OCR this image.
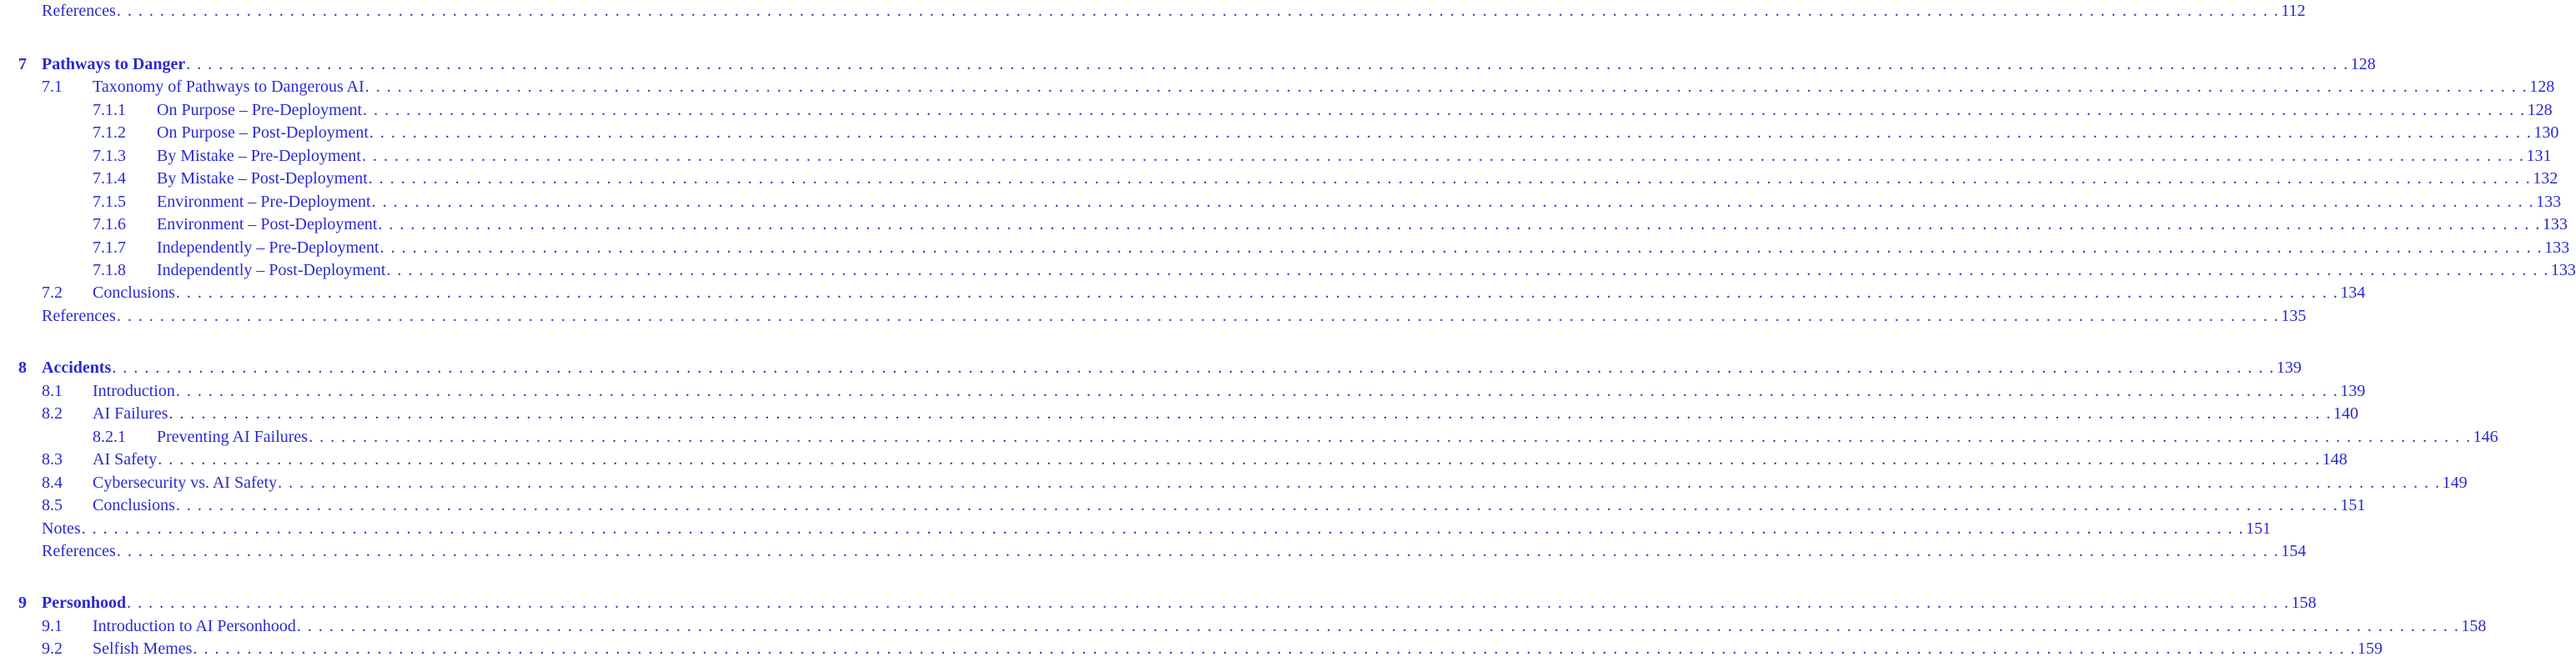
References . . . . . . . . . . . . . . . . . . . . . . . . . . . . . . . . . . . . . . . . . . . . . . . . . . . . . . . . . . . . . . . . . . . . . . . . . . . . . . . . . . . . . . . . . . . . . . . . . . . . . . . . . . . . . . . . . . . . . . . . . . . . . . . . . . . . . . . . . . . . . . . . . . . . . . . . . . . . . . . . . . . . . . . . . . . . . . . . . . . . . . . . . . . . . . . . . . . . . . . . 112
7 Pathways to Danger . . . . . . . . . . . . . . . . . . . . . . . . . . . . . . . . . . . . . . . . . . . . . . . . . . . . . . . . . . . . . . . . . . . . . . . . . . . . . . . . . . . . . . . . . . . . . . . . . . . . . . . . . . . . . . . . . . . . . . . . . . . . . . . . . . . . . . . . . . . . . . . . . . . . . . . . . . . . . . . . . . . . . . . . . . . . . . . . . . . . . . . . . . . . . . . . . . . . . . . . 128
7.1 Taxonomy of Pathways to Dangerous AI . . . . . . . . . . . . . . . . . . . . . . . . . . . . . . . . . . . . . . . . . . . . . . . . . . . . . . . . . . . . . . . . . . . . . . . . . . . . . . . . . . . . . . . . . . . . . . . . . . . . . . . . . . . . . . . . . . . . . . . . . . . . . . . . . . . . . . . . . . . . . . . . . . . . . . . . . . . . . . . . . . . . . . . . . . . . . . . . . . . . . . . . . . . . . . . . . . . . . . . . 128
7.1.1 On Purpose – Pre-Deployment . . . . . . . . . . . . . . . . . . . . . . . . . . . . . . . . . . . . . . . . . . . . . . . . . . . . . . . . . . . . . . . . . . . . . . . . . . . . . . . . . . . . . . . . . . . . . . . . . . . . . . . . . . . . . . . . . . . . . . . . . . . . . . . . . . . . . . . . . . . . . . . . . . . . . . . . . . . . . . . . . . . . . . . . . . . . . . . . . . . . . . . . . . . . . . . . . . . . . . . . 128
7.1.2 On Purpose – Post-Deployment . . . . . . . . . . . . . . . . . . . . . . . . . . . . . . . . . . . . . . . . . . . . . . . . . . . . . . . . . . . . . . . . . . . . . . . . . . . . . . . . . . . . . . . . . . . . . . . . . . . . . . . . . . . . . . . . . . . . . . . . . . . . . . . . . . . . . . . . . . . . . . . . . . . . . . . . . . . . . . . . . . . . . . . . . . . . . . . . . . . . . . . . . . . . . . . . . . . . . . . . 130
7.1.3 By Mistake – Pre-Deployment . . . . . . . . . . . . . . . . . . . . . . . . . . . . . . . . . . . . . . . . . . . . . . . . . . . . . . . . . . . . . . . . . . . . . . . . . . . . . . . . . . . . . . . . . . . . . . . . . . . . . . . . . . . . . . . . . . . . . . . . . . . . . . . . . . . . . . . . . . . . . . . . . . . . . . . . . . . . . . . . . . . . . . . . . . . . . . . . . . . . . . . . . . . . . . . . . . . . . . . . 131
7.1.4 By Mistake – Post-Deployment . . . . . . . . . . . . . . . . . . . . . . . . . . . . . . . . . . . . . . . . . . . . . . . . . . . . . . . . . . . . . . . . . . . . . . . . . . . . . . . . . . . . . . . . . . . . . . . . . . . . . . . . . . . . . . . . . . . . . . . . . . . . . . . . . . . . . . . . . . . . . . . . . . . . . . . . . . . . . . . . . . . . . . . . . . . . . . . . . . . . . . . . . . . . . . . . . . . . . . . . 132
7.1.5 Environment – Pre-Deployment . . . . . . . . . . . . . . . . . . . . . . . . . . . . . . . . . . . . . . . . . . . . . . . . . . . . . . . . . . . . . . . . . . . . . . . . . . . . . . . . . . . . . . . . . . . . . . . . . . . . . . . . . . . . . . . . . . . . . . . . . . . . . . . . . . . . . . . . . . . . . . . . . . . . . . . . . . . . . . . . . . . . . . . . . . . . . . . . . . . . . . . . . . . . . . . . . . . . . . . . 133
7.1.6 Environment – Post-Deployment . . . . . . . . . . . . . . . . . . . . . . . . . . . . . . . . . . . . . . . . . . . . . . . . . . . . . . . . . . . . . . . . . . . . . . . . . . . . . . . . . . . . . . . . . . . . . . . . . . . . . . . . . . . . . . . . . . . . . . . . . . . . . . . . . . . . . . . . . . . . . . . . . . . . . . . . . . . . . . . . . . . . . . . . . . . . . . . . . . . . . . . . . . . . . . . . . . . . . . . . 133
7.1.7 Independently – Pre-Deployment . . . . . . . . . . . . . . . . . . . . . . . . . . . . . . . . . . . . . . . . . . . . . . . . . . . . . . . . . . . . . . . . . . . . . . . . . . . . . . . . . . . . . . . . . . . . . . . . . . . . . . . . . . . . . . . . . . . . . . . . . . . . . . . . . . . . . . . . . . . . . . . . . . . . . . . . . . . . . . . . . . . . . . . . . . . . . . . . . . . . . . . . . . . . . . . . . . . . . . . . 133
7.1.8 Independently – Post-Deployment . . . . . . . . . . . . . . . . . . . . . . . . . . . . . . . . . . . . . . . . . . . . . . . . . . . . . . . . . . . . . . . . . . . . . . . . . . . . . . . . . . . . . . . . . . . . . . . . . . . . . . . . . . . . . . . . . . . . . . . . . . . . . . . . . . . . . . . . . . . . . . . . . . . . . . . . . . . . . . . . . . . . . . . . . . . . . . . . . . . . . . . . . . . . . . . . . . . . . . . . 133
7.2 Conclusions . . . . . . . . . . . . . . . . . . . . . . . . . . . . . . . . . . . . . . . . . . . . . . . . . . . . . . . . . . . . . . . . . . . . . . . . . . . . . . . . . . . . . . . . . . . . . . . . . . . . . . . . . . . . . . . . . . . . . . . . . . . . . . . . . . . . . . . . . . . . . . . . . . . . . . . . . . . . . . . . . . . . . . . . . . . . . . . . . . . . . . . . . . . . . . . . . . . . . . . . 134
References . . . . . . . . . . . . . . . . . . . . . . . . . . . . . . . . . . . . . . . . . . . . . . . . . . . . . . . . . . . . . . . . . . . . . . . . . . . . . . . . . . . . . . . . . . . . . . . . . . . . . . . . . . . . . . . . . . . . . . . . . . . . . . . . . . . . . . . . . . . . . . . . . . . . . . . . . . . . . . . . . . . . . . . . . . . . . . . . . . . . . . . . . . . . . . . . . . . . . . . . 135
8 Accidents . . . . . . . . . . . . . . . . . . . . . . . . . . . . . . . . . . . . . . . . . . . . . . . . . . . . . . . . . . . . . . . . . . . . . . . . . . . . . . . . . . . . . . . . . . . . . . . . . . . . . . . . . . . . . . . . . . . . . . . . . . . . . . . . . . . . . . . . . . . . . . . . . . . . . . . . . . . . . . . . . . . . . . . . . . . . . . . . . . . . . . . . . . . . . . . . . . . . . . . . 139
8.1 Introduction . . . . . . . . . . . . . . . . . . . . . . . . . . . . . . . . . . . . . . . . . . . . . . . . . . . . . . . . . . . . . . . . . . . . . . . . . . . . . . . . . . . . . . . . . . . . . . . . . . . . . . . . . . . . . . . . . . . . . . . . . . . . . . . . . . . . . . . . . . . . . . . . . . . . . . . . . . . . . . . . . . . . . . . . . . . . . . . . . . . . . . . . . . . . . . . . . . . . . . . . 139
8.2 AI Failures . . . . . . . . . . . . . . . . . . . . . . . . . . . . . . . . . . . . . . . . . . . . . . . . . . . . . . . . . . . . . . . . . . . . . . . . . . . . . . . . . . . . . . . . . . . . . . . . . . . . . . . . . . . . . . . . . . . . . . . . . . . . . . . . . . . . . . . . . . . . . . . . . . . . . . . . . . . . . . . . . . . . . . . . . . . . . . . . . . . . . . . . . . . . . . . . . . . . . . . . 140
8.2.1 Preventing AI Failures . . . . . . . . . . . . . . . . . . . . . . . . . . . . . . . . . . . . . . . . . . . . . . . . . . . . . . . . . . . . . . . . . . . . . . . . . . . . . . . . . . . . . . . . . . . . . . . . . . . . . . . . . . . . . . . . . . . . . . . . . . . . . . . . . . . . . . . . . . . . . . . . . . . . . . . . . . . . . . . . . . . . . . . . . . . . . . . . . . . . . . . . . . . . . . . . . . . . . . . . 146
8.3 AI Safety . . . . . . . . . . . . . . . . . . . . . . . . . . . . . . . . . . . . . . . . . . . . . . . . . . . . . . . . . . . . . . . . . . . . . . . . . . . . . . . . . . . . . . . . . . . . . . . . . . . . . . . . . . . . . . . . . . . . . . . . . . . . . . . . . . . . . . . . . . . . . . . . . . . . . . . . . . . . . . . . . . . . . . . . . . . . . . . . . . . . . . . . . . . . . . . . . . . . . . . . 148
8.4 Cybersecurity vs. AI Safety . . . . . . . . . . . . . . . . . . . . . . . . . . . . . . . . . . . . . . . . . . . . . . . . . . . . . . . . . . . . . . . . . . . . . . . . . . . . . . . . . . . . . . . . . . . . . . . . . . . . . . . . . . . . . . . . . . . . . . . . . . . . . . . . . . . . . . . . . . . . . . . . . . . . . . . . . . . . . . . . . . . . . . . . . . . . . . . . . . . . . . . . . . . . . . . . . . . . . . . . 149
8.5 Conclusions . . . . . . . . . . . . . . . . . . . . . . . . . . . . . . . . . . . . . . . . . . . . . . . . . . . . . . . . . . . . . . . . . . . . . . . . . . . . . . . . . . . . . . . . . . . . . . . . . . . . . . . . . . . . . . . . . . . . . . . . . . . . . . . . . . . . . . . . . . . . . . . . . . . . . . . . . . . . . . . . . . . . . . . . . . . . . . . . . . . . . . . . . . . . . . . . . . . . . . . . 151
Notes . . . . . . . . . . . . . . . . . . . . . . . . . . . . . . . . . . . . . . . . . . . . . . . . . . . . . . . . . . . . . . . . . . . . . . . . . . . . . . . . . . . . . . . . . . . . . . . . . . . . . . . . . . . . . . . . . . . . . . . . . . . . . . . . . . . . . . . . . . . . . . . . . . . . . . . . . . . . . . . . . . . . . . . . . . . . . . . . . . . . . . . . . . . . . . . . . . . . . . . . 151
References . . . . . . . . . . . . . . . . . . . . . . . . . . . . . . . . . . . . . . . . . . . . . . . . . . . . . . . . . . . . . . . . . . . . . . . . . . . . . . . . . . . . . . . . . . . . . . . . . . . . . . . . . . . . . . . . . . . . . . . . . . . . . . . . . . . . . . . . . . . . . . . . . . . . . . . . . . . . . . . . . . . . . . . . . . . . . . . . . . . . . . . . . . . . . . . . . . . . . . . . 154
9 Personhood . . . . . . . . . . . . . . . . . . . . . . . . . . . . . . . . . . . . . . . . . . . . . . . . . . . . . . . . . . . . . . . . . . . . . . . . . . . . . . . . . . . . . . . . . . . . . . . . . . . . . . . . . . . . . . . . . . . . . . . . . . . . . . . . . . . . . . . . . . . . . . . . . . . . . . . . . . . . . . . . . . . . . . . . . . . . . . . . . . . . . . . . . . . . . . . . . . . . . . . . 158
9.1 Introduction to AI Personhood . . . . . . . . . . . . . . . . . . . . . . . . . . . . . . . . . . . . . . . . . . . . . . . . . . . . . . . . . . . . . . . . . . . . . . . . . . . . . . . . . . . . . . . . . . . . . . . . . . . . . . . . . . . . . . . . . . . . . . . . . . . . . . . . . . . . . . . . . . . . . . . . . . . . . . . . . . . . . . . . . . . . . . . . . . . . . . . . . . . . . . . . . . . . . . . . . . . . . . . . 158
9.2 Selfish Memes . . . . . . . . . . . . . . . . . . . . . . . . . . . . . . . . . . . . . . . . . . . . . . . . . . . . . . . . . . . . . . . . . . . . . . . . . . . . . . . . . . . . . . . . . . . . . . . . . . . . . . . . . . . . . . . . . . . . . . . . . . . . . . . . . . . . . . . . . . . . . . . . . . . . . . . . . . . . . . . . . . . . . . . . . . . . . . . . . . . . . . . . . . . . . . . . . . . . . . . . 159
